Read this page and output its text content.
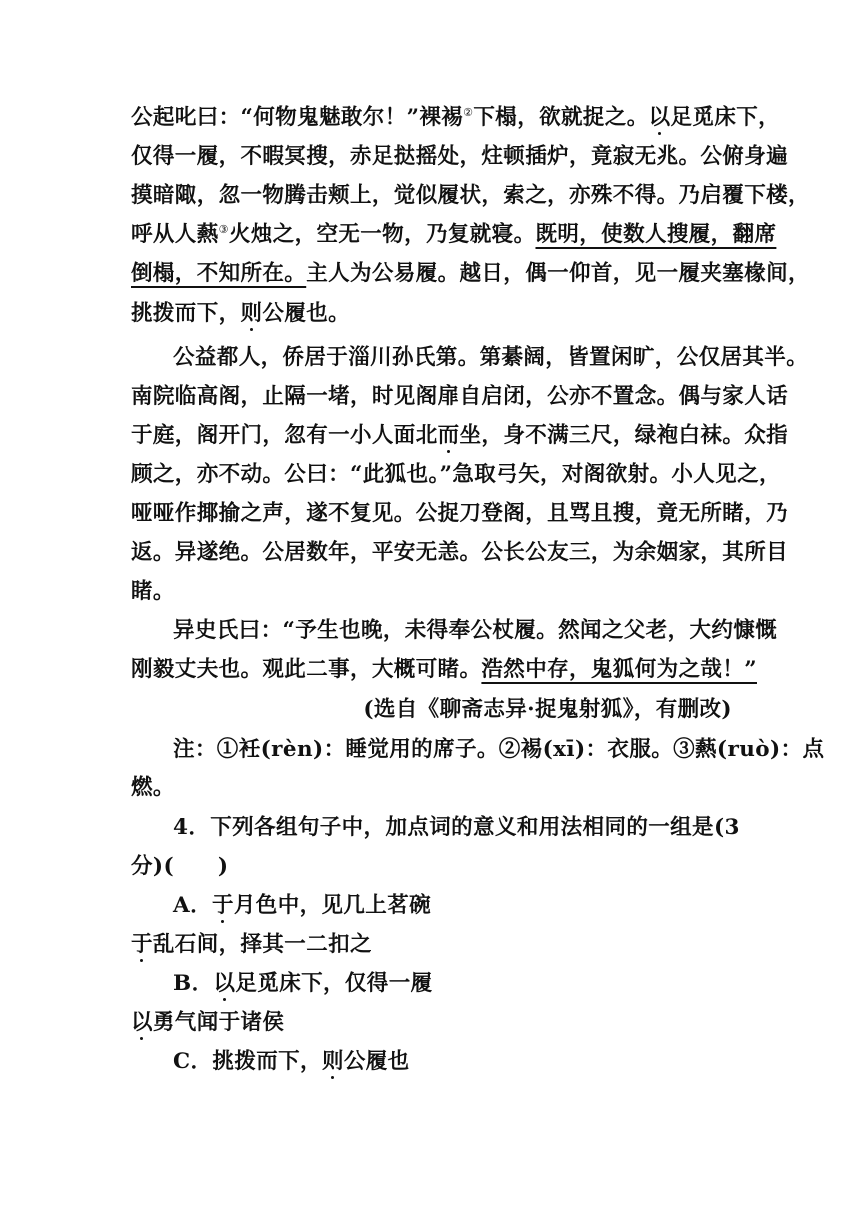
公起叱曰：“何物鬼魅敢尔！”裸裼②下榻，欲就捉之。以足觅床下，
仅得一履，不暇冥搜，赤足挞摇处，炷顿插炉，竟寂无兆。公俯身遍
摸暗陬，忽一物腾击颊上，觉似履状，索之，亦殊不得。乃启覆下楼，
呼从人爇③火烛之，空无一物，乃复就寝。既明，使数人搜履，翻席
倒榻，不知所在。主人为公易履。越日，偶一仰首，见一履夹塞椽间，
挑拨而下，则公履也。
公益都人，侨居于淄川孙氏第。第綦阔，皆置闲旷，公仅居其半。
南院临高阁，止隔一堵，时见阁扉自启闭，公亦不置念。偶与家人话
于庭，阁开门，忽有一小人面北而坐，身不满三尺，绿袍白袜。众指
顾之，亦不动。公曰：“此狐也。”急取弓矢，对阁欲射。小人见之，
哑哑作揶揄之声，遂不复见。公捉刀登阁，且骂且搜，竟无所睹，乃
返。异遂绝。公居数年，平安无恙。公长公友三，为余姻家，其所目
睹。
异史氏曰：“予生也晚，未得奉公杖履。然闻之父老，大约慷慨
刚毅丈夫也。观此二事，大概可睹。浩然中存，鬼狐何为之哉！”
(选自《聊斋志异·捉鬼射狐》，有删改)
注：①衽(rèn)：睡觉用的席子。②裼(xī)：衣服。③爇(ruò)：点
燃。
4．下列各组句子中，加点词的意义和用法相同的一组是(3
分)(　　)
A．于月色中，见几上茗碗
于乱石间，择其一二扣之
B．以足觅床下，仅得一履
以勇气闻于诸侯
C．挑拨而下，则公履也
